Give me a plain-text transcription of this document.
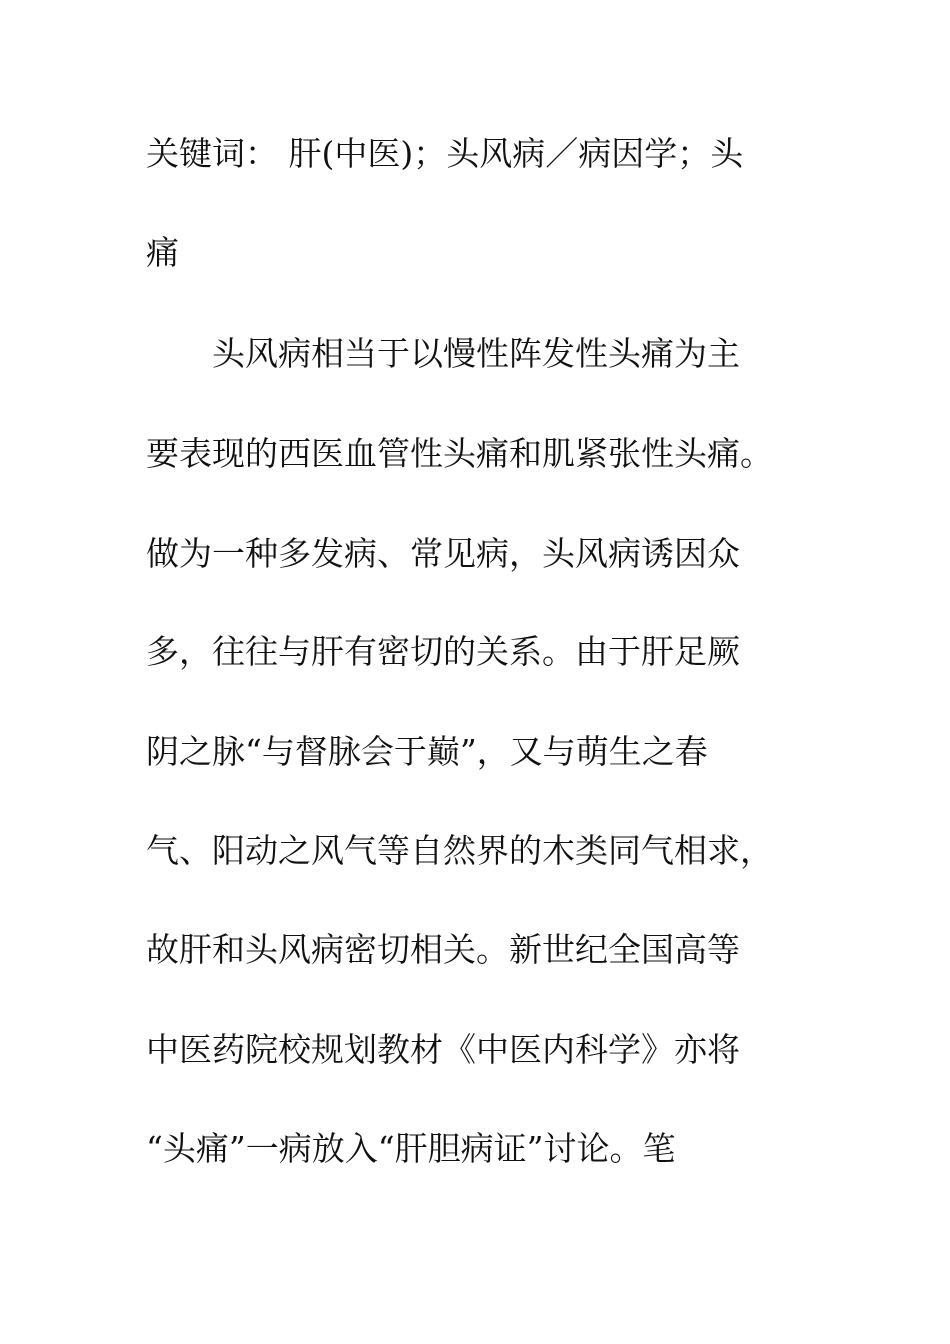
关键词： 肝(中医)；头风病／病因学；头

痛

　　头风病相当于以慢性阵发性头痛为主

要表现的西医血管性头痛和肌紧张性头痛。

做为一种多发病、常见病，头风病诱因众

多，往往与肝有密切的关系。由于肝足厥

阴之脉“与督脉会于巅”，又与萌生之春

气、阳动之风气等自然界的木类同气相求，

故肝和头风病密切相关。新世纪全国高等

中医药院校规划教材《中医内科学》亦将

“头痛”一病放入“肝胆病证”讨论。笔
